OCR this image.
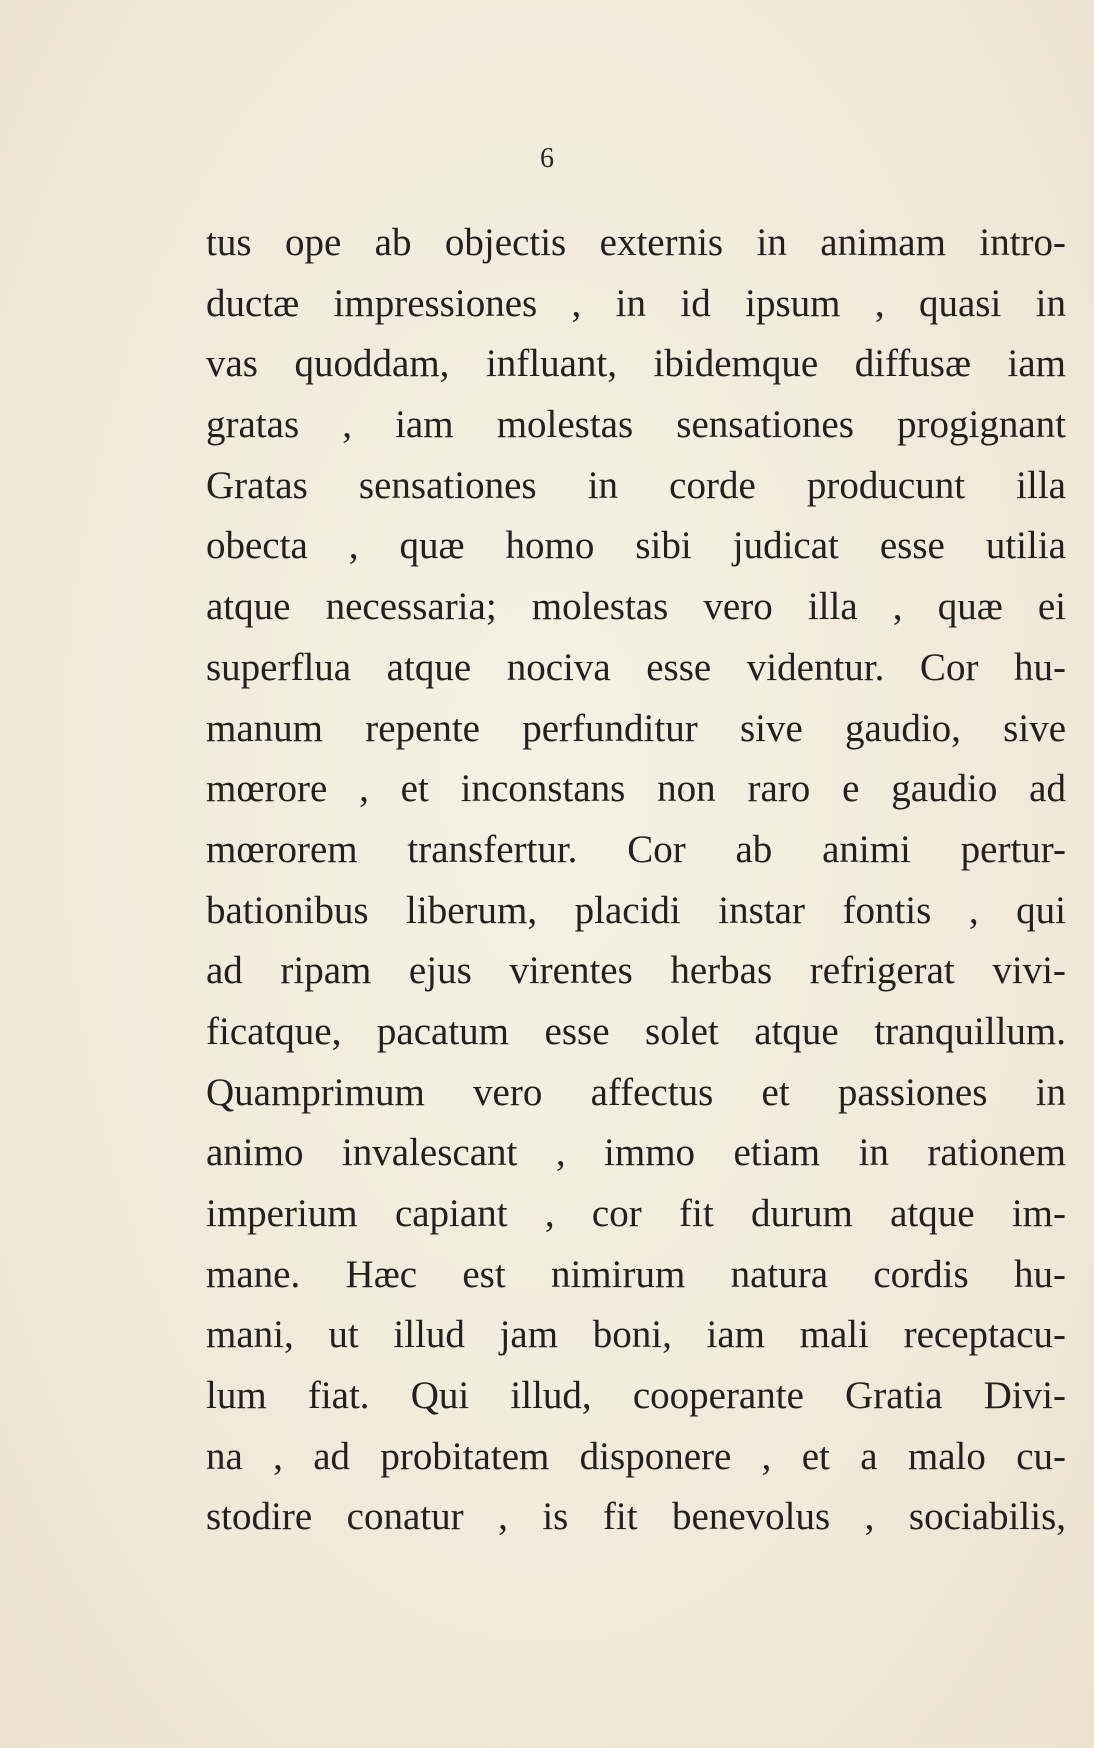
6
tus ope ab objectis externis in animam intro-
ductæ impressiones , in id ipsum , quasi in
vas quoddam, influant, ibidemque diffusæ iam
gratas , iam molestas sensationes progignant
Gratas sensationes in corde producunt illa
obecta , quæ homo sibi judicat esse utilia
atque necessaria; molestas vero illa , quæ ei
superflua atque nociva esse videntur. Cor hu-
manum repente perfunditur sive gaudio, sive
mœrore , et inconstans non raro e gaudio ad
mœrorem transfertur. Cor ab animi pertur-
bationibus liberum, placidi instar fontis , qui
ad ripam ejus virentes herbas refrigerat vivi-
ficatque, pacatum esse solet atque tranquillum.
Quamprimum vero affectus et passiones in
animo invalescant , immo etiam in rationem
imperium capiant , cor fit durum atque im-
mane. Hæc est nimirum natura cordis hu-
mani, ut illud jam boni, iam mali receptacu-
lum fiat. Qui illud, cooperante Gratia Divi-
na , ad probitatem disponere , et a malo cu-
stodire conatur , is fit benevolus , sociabilis,
